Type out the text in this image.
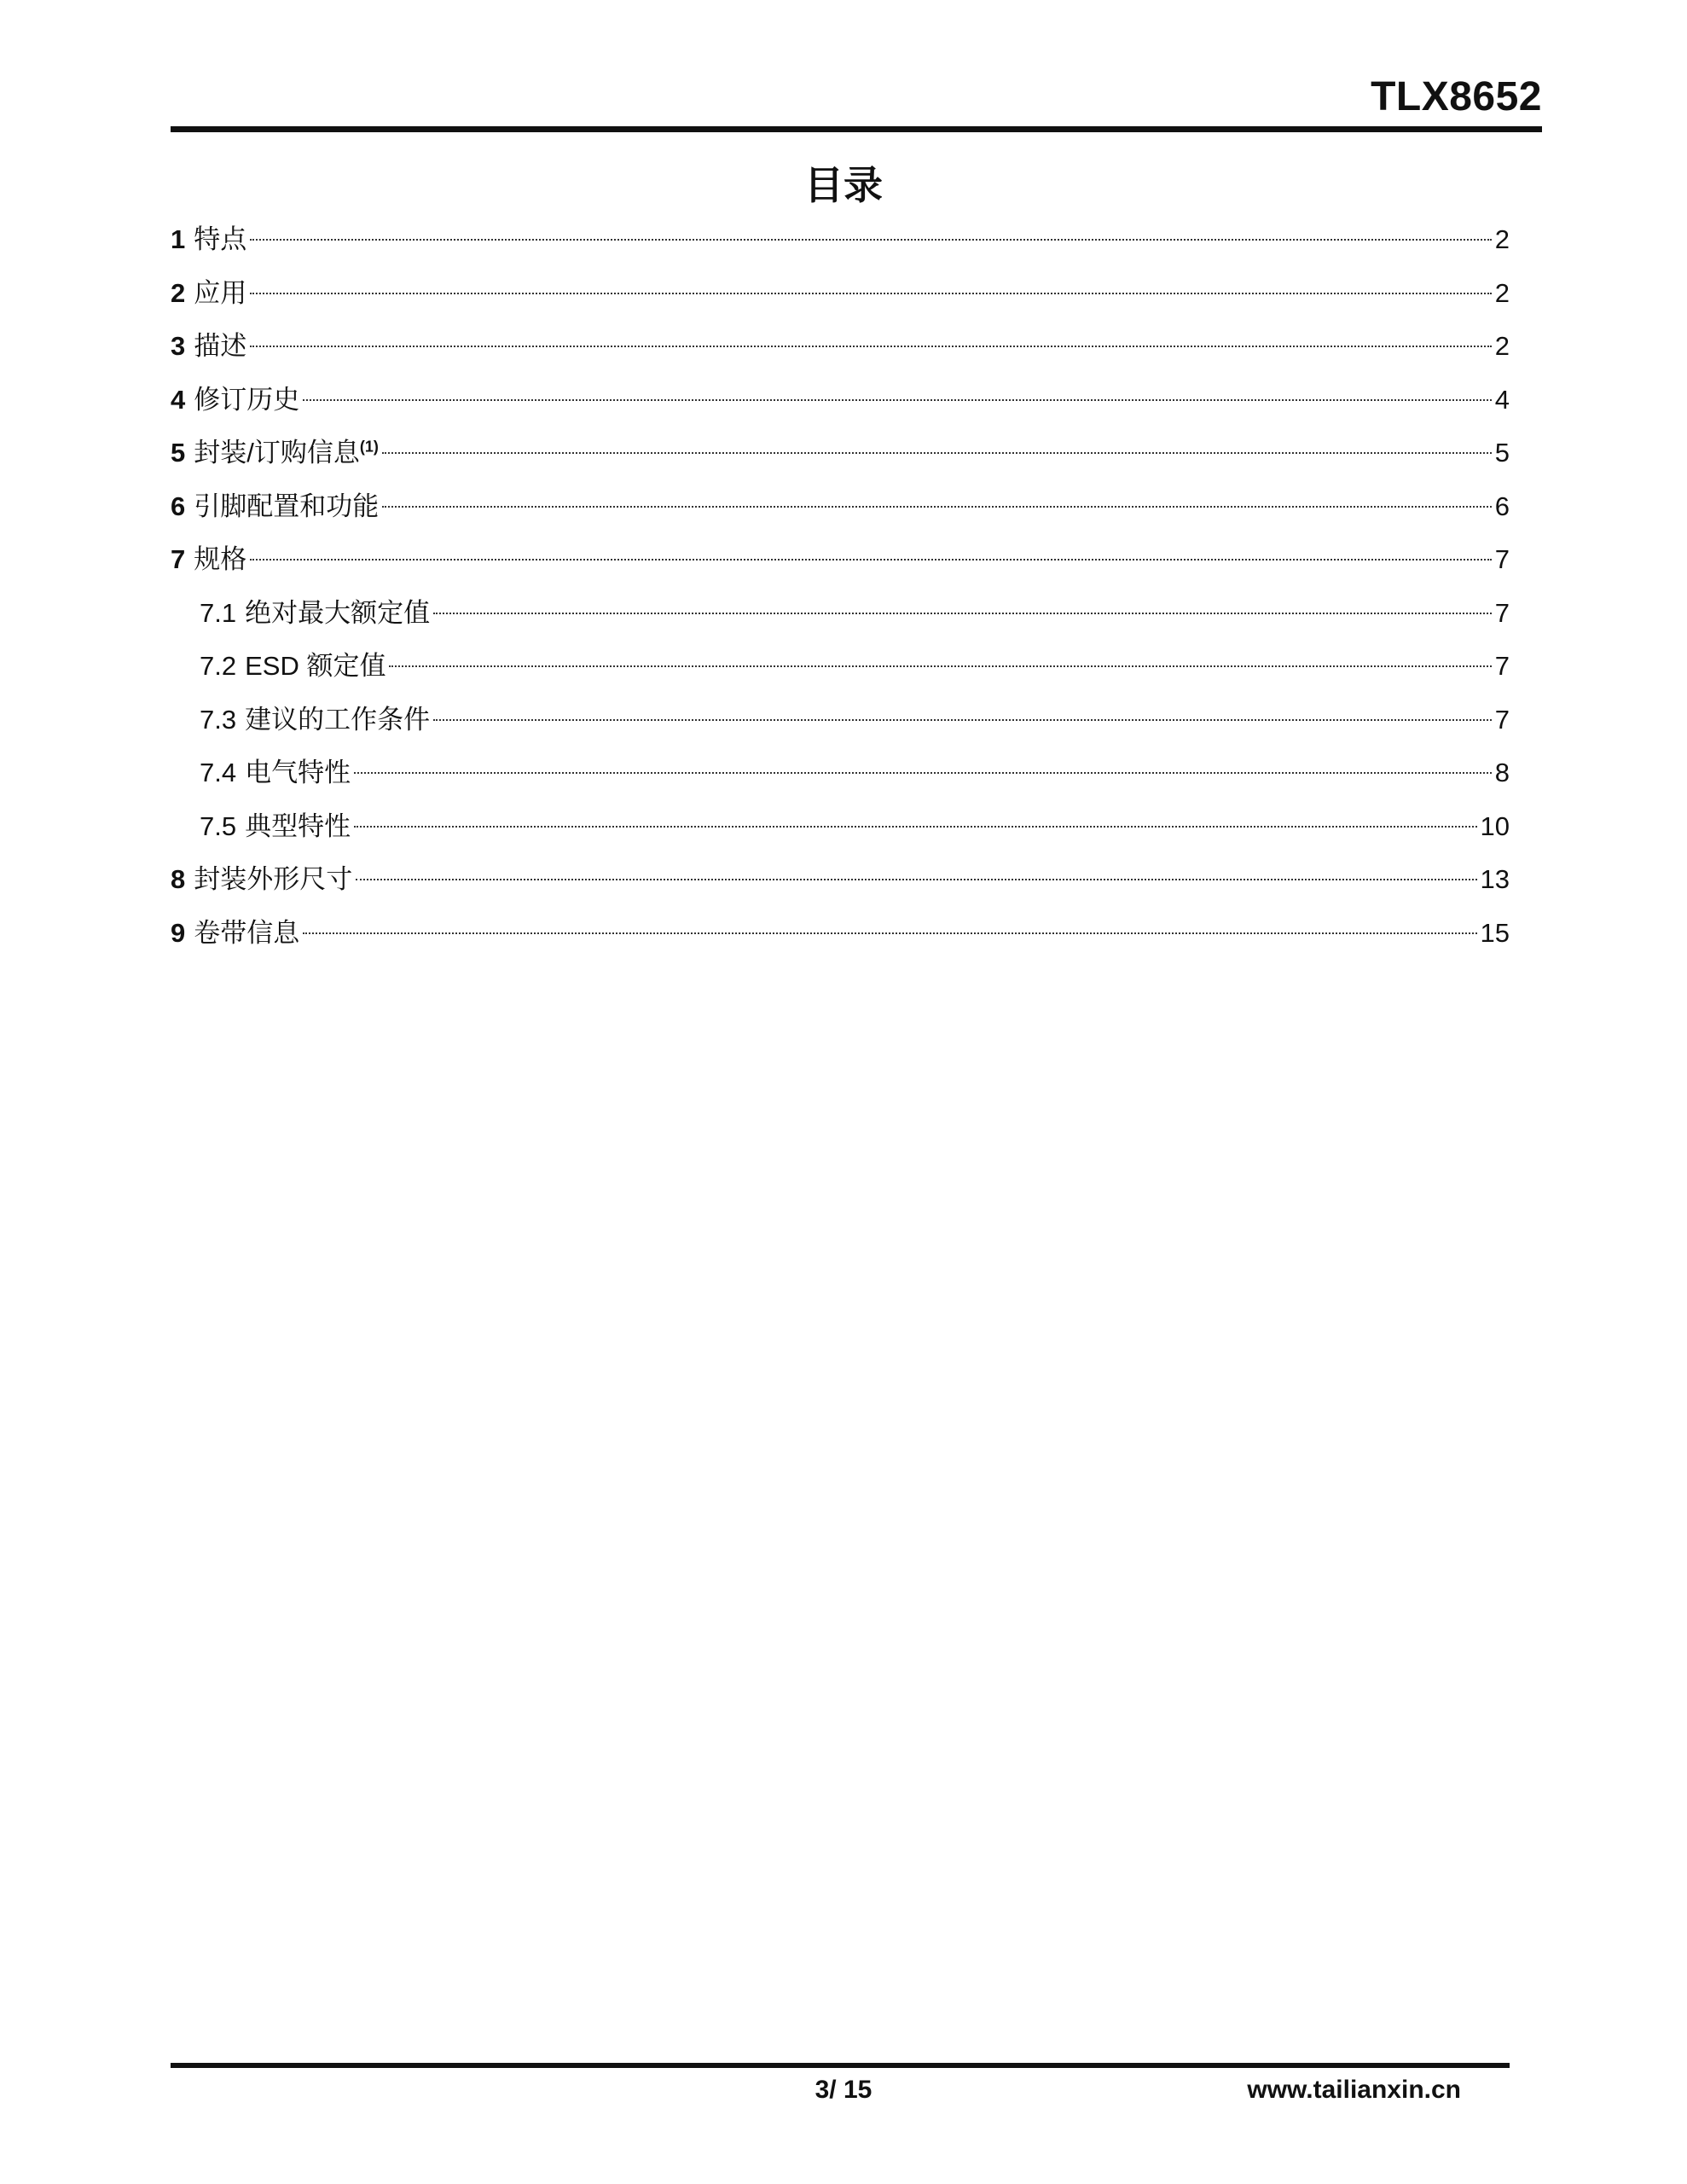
TLX8652
目录
1 特点	2
2 应用	2
3 描述	2
4 修订历史	4
5 封装/订购信息$^{(1)}$	5
6 引脚配置和功能	6
7 规格	7
7.1 绝对最大额定值	7
7.2 ESD 额定值	7
7.3 建议的工作条件	7
7.4 电气特性	8
7.5 典型特性	10
8 封装外形尺寸	13
9 卷带信息	15
3/ 15	www.tailianxin.cn
